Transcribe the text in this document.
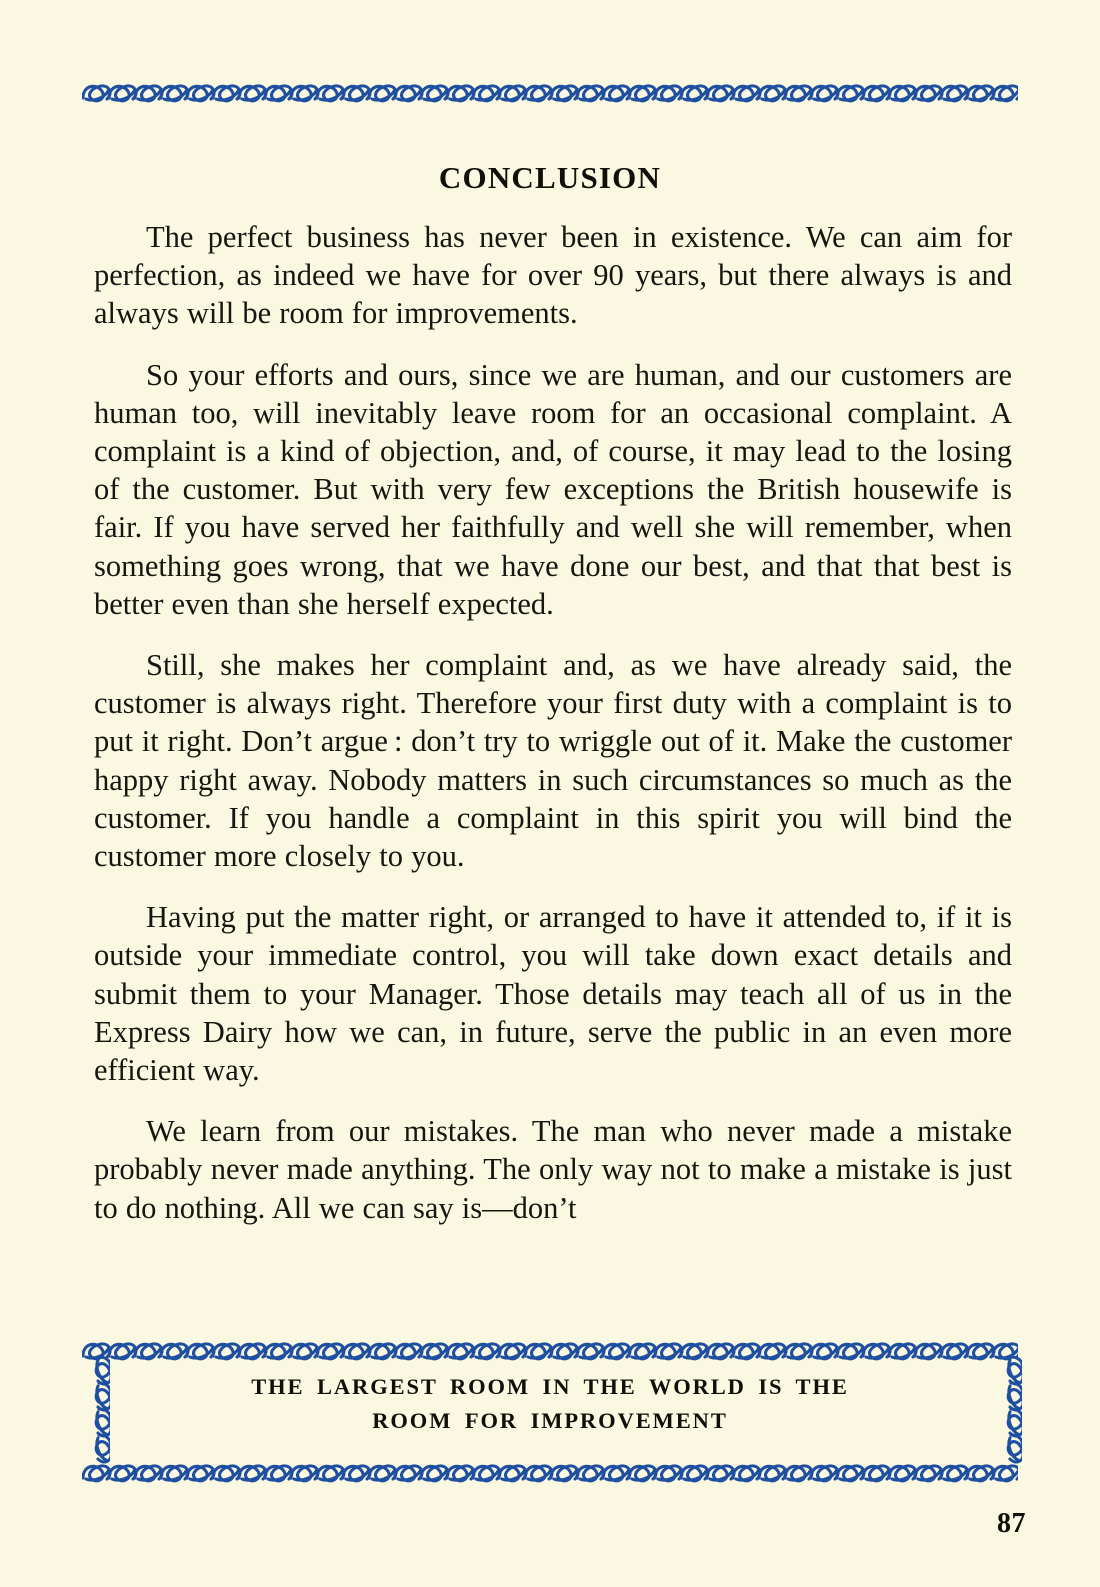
CONCLUSION

The perfect business has never been in existence. We can aim for perfection, as indeed we have for over 90 years, but there always is and always will be room for improvements.

So your efforts and ours, since we are human, and our customers are human too, will inevitably leave room for an occasional complaint. A complaint is a kind of objection, and, of course, it may lead to the losing of the customer. But with very few exceptions the British housewife is fair. If you have served her faithfully and well she will remember, when something goes wrong, that we have done our best, and that that best is better even than she herself expected.

Still, she makes her complaint and, as we have already said, the customer is always right. Therefore your first duty with a complaint is to put it right. Don’t argue : don’t try to wriggle out of it. Make the customer happy right away. Nobody matters in such circumstances so much as the customer. If you handle a complaint in this spirit you will bind the customer more closely to you.

Having put the matter right, or arranged to have it attended to, if it is outside your immediate control, you will take down exact details and submit them to your Manager. Those details may teach all of us in the Express Dairy how we can, in future, serve the public in an even more efficient way.

We learn from our mistakes. The man who never made a mistake probably never made anything. The only way not to make a mistake is just to do nothing. All we can say is—don’t

THE LARGEST ROOM IN THE WORLD IS THE
ROOM FOR IMPROVEMENT
87
